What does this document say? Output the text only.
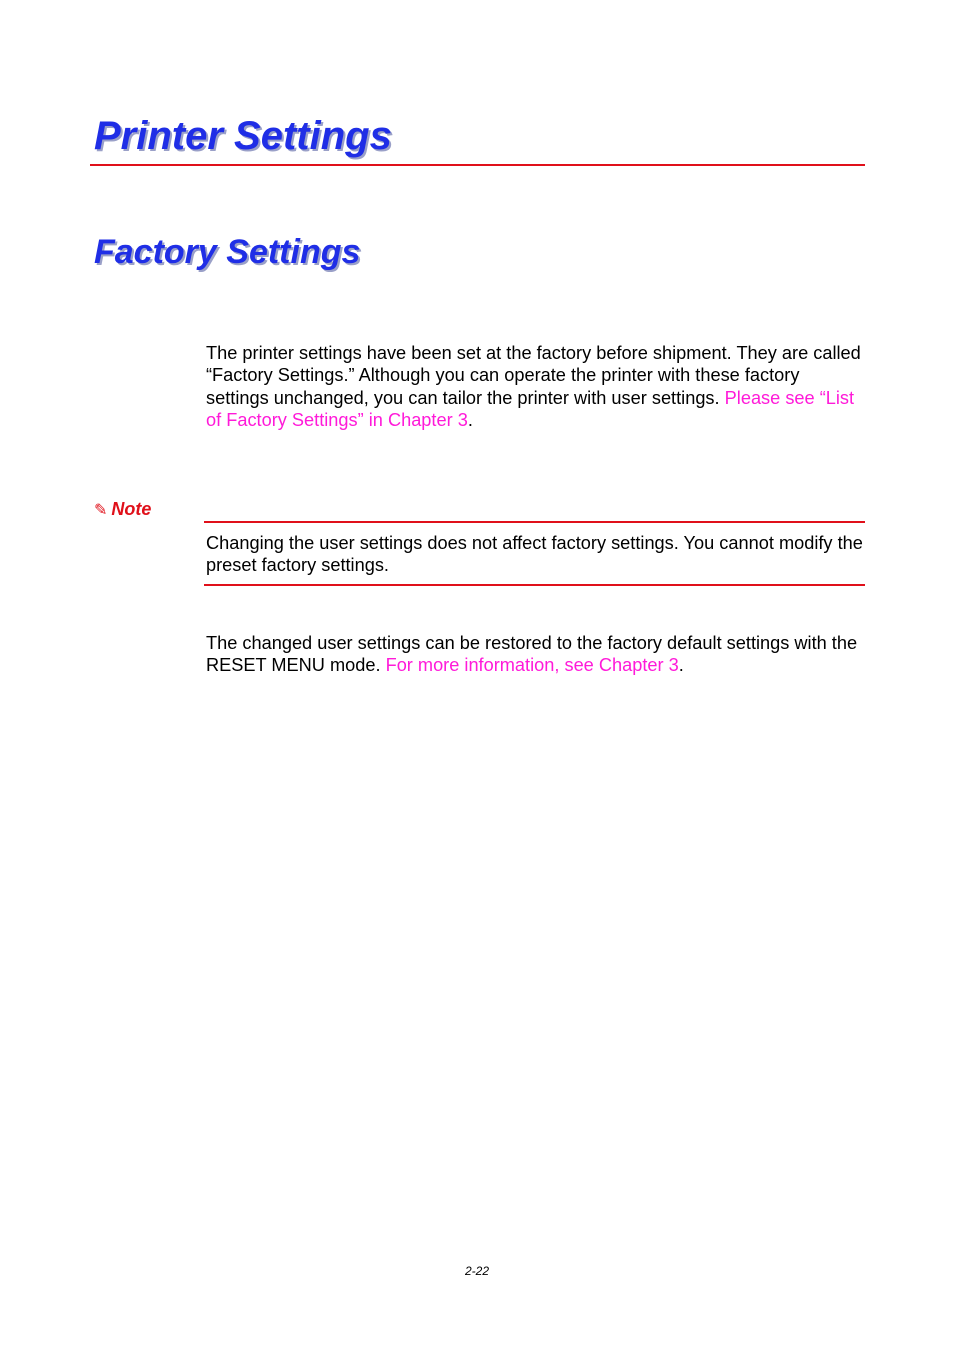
Printer Settings
Factory Settings

The printer settings have been set at the factory before shipment. They are called “Factory Settings.” Although you can operate the printer with these factory settings unchanged, you can tailor the printer with user settings. Please see “List of Factory Settings” in Chapter 3.

✎ Note

Changing the user settings does not affect factory settings. You cannot modify the preset factory settings.

The changed user settings can be restored to the factory default settings with the RESET MENU mode. For more information, see Chapter 3.

2-22
